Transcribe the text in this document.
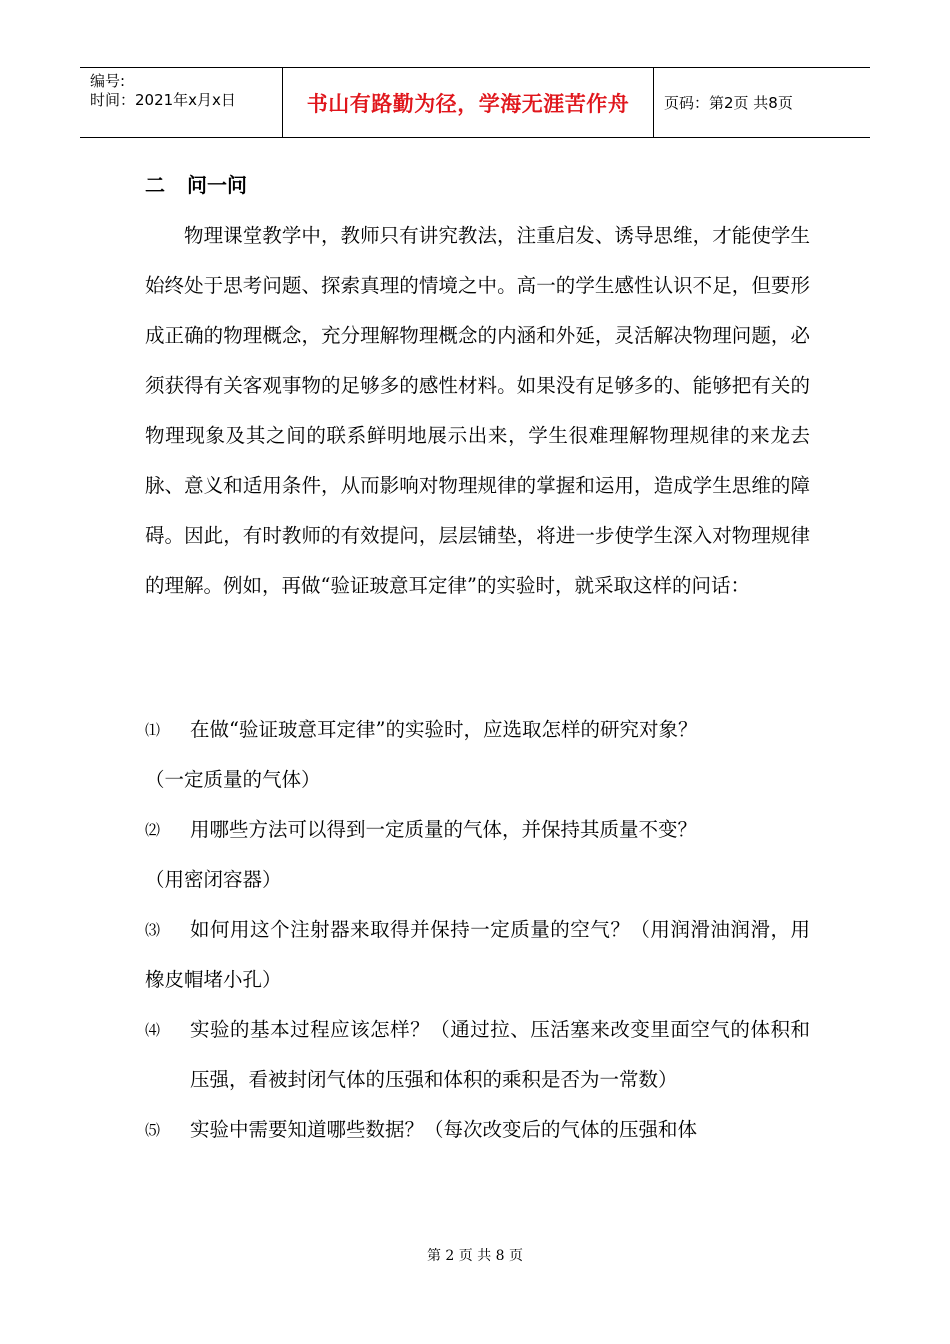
编号:
时间：2021年x月x日	书山有路勤为径，学海无涯苦作舟 页码：第2页 共8页
二 问一问

物理课堂教学中，教师只有讲究教法，注重启发、诱导思维，才能使学生始终处于思考问题、探索真理的情境之中。高一的学生感性认识不足，但要形成正确的物理概念，充分理解物理概念的内涵和外延，灵活解决物理问题，必须获得有关客观事物的足够多的感性材料。如果没有足够多的、能够把有关的物理现象及其之间的联系鲜明地展示出来，学生很难理解物理规律的来龙去脉、意义和适用条件，从而影响对物理规律的掌握和运用，造成学生思维的障碍。因此，有时教师的有效提问，层层铺垫，将进一步使学生深入对物理规律的理解。例如，再做“验证玻意耳定律”的实验时，就采取这样的问话：

⑴	在做“验证玻意耳定律”的实验时，应选取怎样的研究对象？
（一定质量的气体）
⑵	用哪些方法可以得到一定质量的气体，并保持其质量不变？
（用密闭容器）
⑶	如何用这个注射器来取得并保持一定质量的空气？（用润滑油润滑，用橡皮帽堵小孔）
⑷	实验的基本过程应该怎样？（通过拉、压活塞来改变里面空气的体积和压强，看被封闭气体的压强和体积的乘积是否为一常数）
⑸	实验中需要知道哪些数据？（每次改变后的气体的压强和体
第 2 页 共 8 页
